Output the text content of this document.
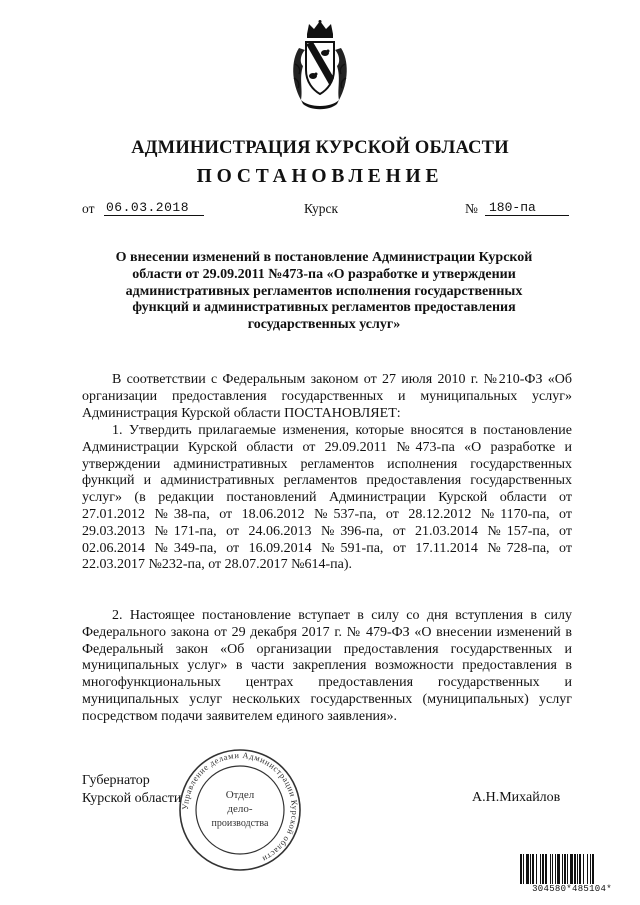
АДМИНИСТРАЦИЯ КУРСКОЙ ОБЛАСТИ
ПОСТАНОВЛЕНИЕ
от 06.03.2018	Курск	№ 180-па
О внесении изменений в постановление Администрации Курской области от 29.09.2011 №473-па «О разработке и утверждении административных регламентов исполнения государственных функций и административных регламентов предоставления государственных услуг»

В соответствии с Федеральным законом от 27 июля 2010 г. №210-ФЗ «Об организации предоставления государственных и муниципальных услуг» Администрация Курской области ПОСТАНОВЛЯЕТ:

1. Утвердить прилагаемые изменения, которые вносятся в постановление Администрации Курской области от 29.09.2011 №473-па «О разработке и утверждении административных регламентов исполнения государственных функций и административных регламентов предоставления государственных услуг» (в редакции постановлений Администрации Курской области от 27.01.2012 №38-па, от 18.06.2012 №537-па, от 28.12.2012 №1170-па, от 29.03.2013 №171-па, от 24.06.2013 №396-па, от 21.03.2014 №157-па, от 02.06.2014 №349-па, от 16.09.2014 №591-па, от 17.11.2014 №728-па, от 22.03.2017 №232-па, от 28.07.2017 №614-па).

2. Настоящее постановление вступает в силу со дня вступления в силу Федерального закона от 29 декабря 2017 г. № 479-ФЗ «О внесении изменений в Федеральный закон «Об организации предоставления государственных и муниципальных услуг» в части закрепления возможности предоставления в многофункциональных центрах предоставления государственных и муниципальных услуг нескольких государственных (муниципальных) услуг посредством подачи заявителем единого заявления».

Управление делами Администрации Курской области
Отдел
дело-
производства
Губернатор
Курской области	А.Н.Михайлов
304580*485104*
